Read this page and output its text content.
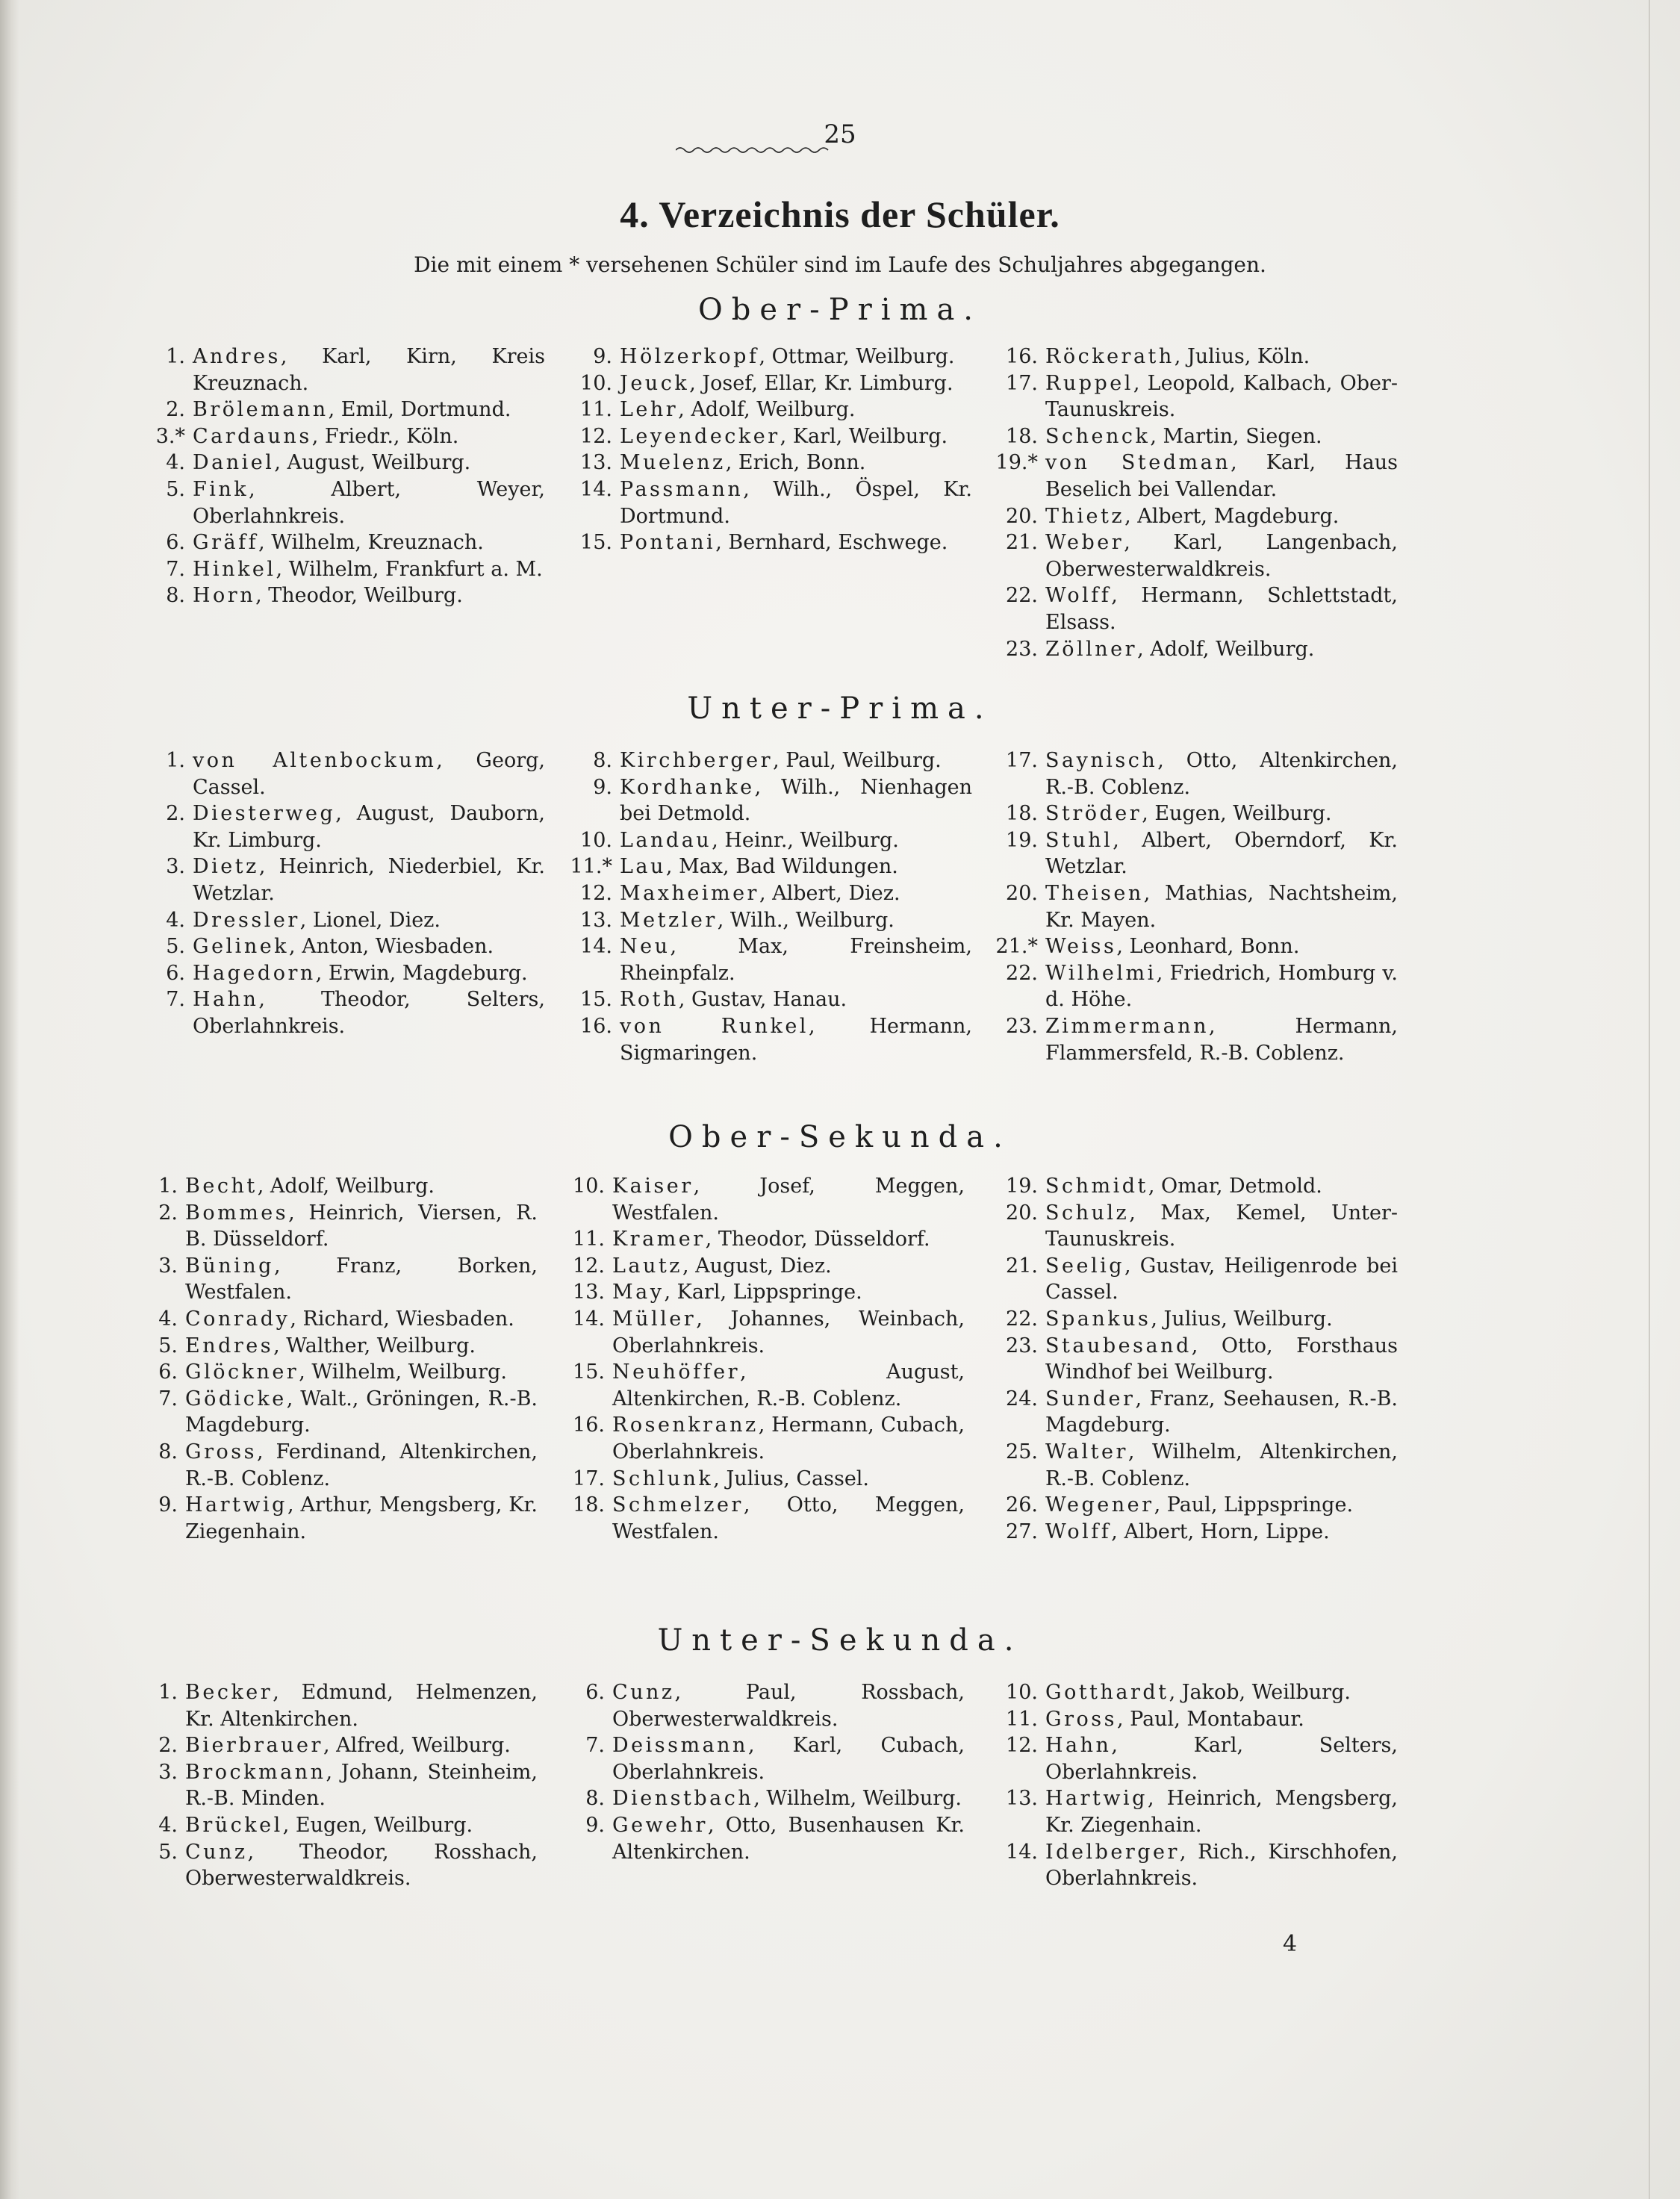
25
4. Verzeichnis der Schüler.
Die mit einem * versehenen Schüler sind im Laufe des Schuljahres abgegangen.
Ober-Prima.
1. Andres, Karl, Kirn, Kreis Kreuznach.
2. Brölemann, Emil, Dortmund.
3.* Cardauns, Friedr., Köln.
4. Daniel, August, Weilburg.
5. Fink, Albert, Weyer, Oberlahnkreis.
6. Gräff, Wilhelm, Kreuznach.
7. Hinkel, Wilhelm, Frankfurt a. M.
8. Horn, Theodor, Weilburg.
9. Hölzerkopf, Ottmar, Weilburg.
10. Jeuck, Josef, Ellar, Kr. Limburg.
11. Lehr, Adolf, Weilburg.
12. Leyendecker, Karl, Weilburg.
13. Muelenz, Erich, Bonn.
14. Passmann, Wilh., Öspel, Kr. Dortmund.
15. Pontani, Bernhard, Eschwege.
16. Röckerath, Julius, Köln.
17. Ruppel, Leopold, Kalbach, Ober-Taunuskreis.
18. Schenck, Martin, Siegen.
19.* von Stedman, Karl, Haus Beselich bei Vallendar.
20. Thietz, Albert, Magdeburg.
21. Weber, Karl, Langenbach, Oberwesterwaldkreis.
22. Wolff, Hermann, Schlettstadt, Elsass.
23. Zöllner, Adolf, Weilburg.
Unter-Prima.
1. von Altenbockum, Georg, Cassel.
2. Diesterweg, August, Dauborn, Kr. Limburg.
3. Dietz, Heinrich, Niederbiel, Kr. Wetzlar.
4. Dressler, Lionel, Diez.
5. Gelinek, Anton, Wiesbaden.
6. Hagedorn, Erwin, Magdeburg.
7. Hahn, Theodor, Selters, Oberlahnkreis.
8. Kirchberger, Paul, Weilburg.
9. Kordhanke, Wilh., Nienhagen bei Detmold.
10. Landau, Heinr., Weilburg.
11.* Lau, Max, Bad Wildungen.
12. Maxheimer, Albert, Diez.
13. Metzler, Wilh., Weilburg.
14. Neu, Max, Freinsheim, Rheinpfalz.
15. Roth, Gustav, Hanau.
16. von Runkel, Hermann, Sigmaringen.
17. Saynisch, Otto, Altenkirchen, R.-B. Coblenz.
18. Ströder, Eugen, Weilburg.
19. Stuhl, Albert, Oberndorf, Kr. Wetzlar.
20. Theisen, Mathias, Nachtsheim, Kr. Mayen.
21.* Weiss, Leonhard, Bonn.
22. Wilhelmi, Friedrich, Homburg v. d. Höhe.
23. Zimmermann, Hermann, Flammersfeld, R.-B. Coblenz.
Ober-Sekunda.
1. Becht, Adolf, Weilburg.
2. Bommes, Heinrich, Viersen, R. B. Düsseldorf.
3. Büning, Franz, Borken, Westfalen.
4. Conrady, Richard, Wiesbaden.
5. Endres, Walther, Weilburg.
6. Glöckner, Wilhelm, Weilburg.
7. Gödicke, Walt., Gröningen, R.-B. Magdeburg.
8. Gross, Ferdinand, Altenkirchen, R.-B. Coblenz.
9. Hartwig, Arthur, Mengsberg, Kr. Ziegenhain.
10. Kaiser, Josef, Meggen, Westfalen.
11. Kramer, Theodor, Düsseldorf.
12. Lautz, August, Diez.
13. May, Karl, Lippspringe.
14. Müller, Johannes, Weinbach, Oberlahnkreis.
15. Neuhöffer, August, Altenkirchen, R.-B. Coblenz.
16. Rosenkranz, Hermann, Cubach, Oberlahnkreis.
17. Schlunk, Julius, Cassel.
18. Schmelzer, Otto, Meggen, Westfalen.
19. Schmidt, Omar, Detmold.
20. Schulz, Max, Kemel, Unter-Taunuskreis.
21. Seelig, Gustav, Heiligenrode bei Cassel.
22. Spankus, Julius, Weilburg.
23. Staubesand, Otto, Forsthaus Windhof bei Weilburg.
24. Sunder, Franz, Seehausen, R.-B. Magdeburg.
25. Walter, Wilhelm, Altenkirchen, R.-B. Coblenz.
26. Wegener, Paul, Lippspringe.
27. Wolff, Albert, Horn, Lippe.
Unter-Sekunda.
1. Becker, Edmund, Helmenzen, Kr. Altenkirchen.
2. Bierbrauer, Alfred, Weilburg.
3. Brockmann, Johann, Steinheim, R.-B. Minden.
4. Brückel, Eugen, Weilburg.
5. Cunz, Theodor, Rosshach, Oberwesterwaldkreis.
6. Cunz, Paul, Rossbach, Oberwesterwaldkreis.
7. Deissmann, Karl, Cubach, Oberlahnkreis.
8. Dienstbach, Wilhelm, Weilburg.
9. Gewehr, Otto, Busenhausen Kr. Altenkirchen.
10. Gotthardt, Jakob, Weilburg.
11. Gross, Paul, Montabaur.
12. Hahn, Karl, Selters, Oberlahnkreis.
13. Hartwig, Heinrich, Mengsberg, Kr. Ziegenhain.
14. Idelberger, Rich., Kirschhofen, Oberlahnkreis.
4
